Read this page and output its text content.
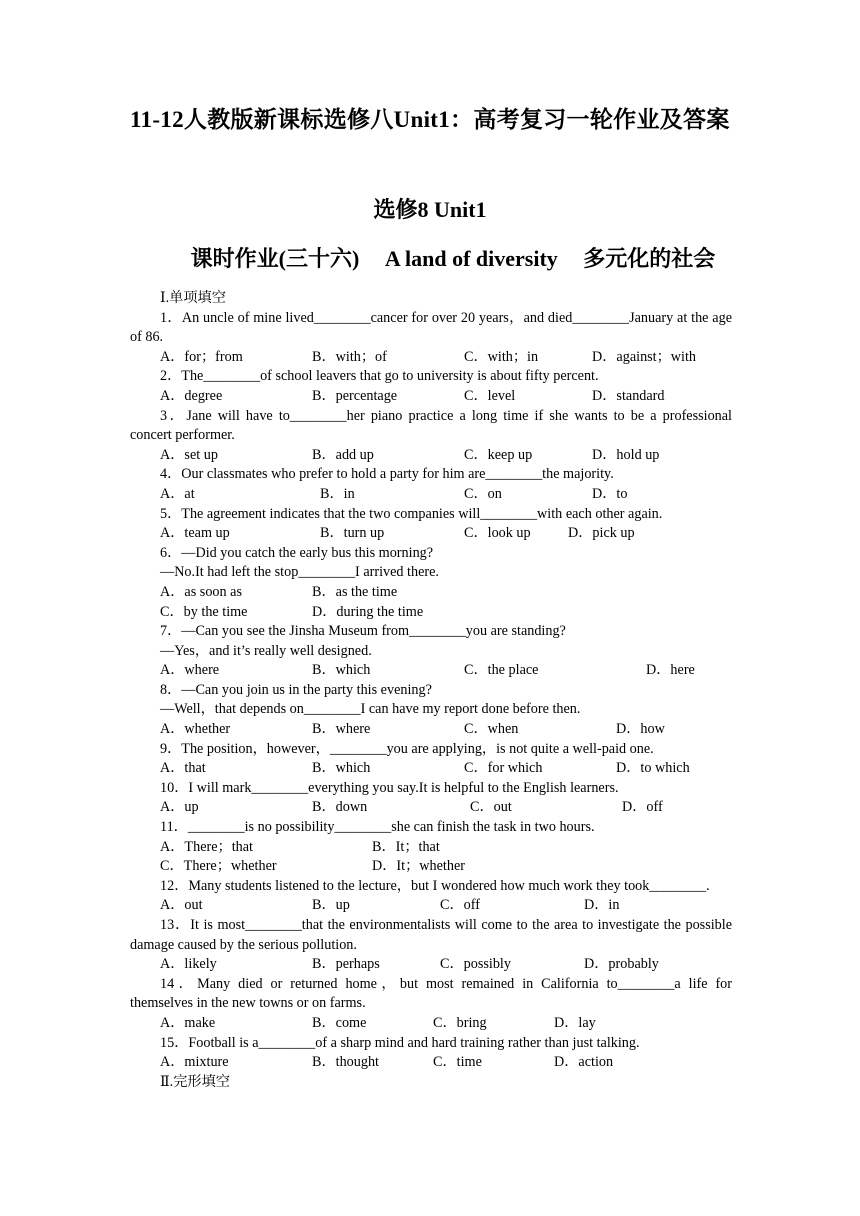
11-12人教版新课标选修八Unit1：高考复习一轮作业及答案
选修8 Unit1
课时作业(三十六) A land of diversity 多元化的社会
Ⅰ.单项填空
1．An uncle of mine lived________cancer for over 20 years，and died________January at the age of 86.
A．for；from	B．with；of	C．with；in	D．against；with
2．The________of school leavers that go to university is about fifty percent.
A．degree	B．percentage	C．level	D．standard
3．Jane will have to________her piano practice a long time if she wants to be a professional concert performer.
A．set up	B．add up	C．keep up	D．hold up
4．Our classmates who prefer to hold a party for him are________the majority.
A．at	B．in	C．on	D．to
5．The agreement indicates that the two companies will________with each other again.
A．team up	B．turn up	C．look up	D．pick up
6．—Did you catch the early bus this morning?
—No.It had left the stop________I arrived there.
A．as soon as	B．as the time
C．by the time	D．during the time
7．—Can you see the Jinsha Museum from________you are standing?
—Yes，and it’s really well designed.
A．where	B．which	C．the place	D．here
8．—Can you join us in the party this evening?
—Well，that depends on________I can have my report done before then.
A．whether	B．where	C．when	D．how
9．The position，however，________you are applying，is not quite a well-paid one.
A．that	B．which	C．for which	D．to which
10．I will mark________everything you say.It is helpful to the English learners.
A．up	B．down	C．out	D．off
11．________is no possibility________she can finish the task in two hours.
A．There；that	B．It；that
C．There；whether	D．It；whether
12．Many students listened to the lecture，but I wondered how much work they took________.
A．out	B．up	C．off	D．in
13．It is most________that the environmentalists will come to the area to investigate the possible damage caused by the serious pollution.
A．likely	B．perhaps	C．possibly	D．probably
14．Many died or returned home，but most remained in California to________a life for themselves in the new towns or on farms.
A．make	B．come	C．bring	D．lay
15．Football is a________of a sharp mind and hard training rather than just talking.
A．mixture	B．thought	C．time	D．action
Ⅱ.完形填空
